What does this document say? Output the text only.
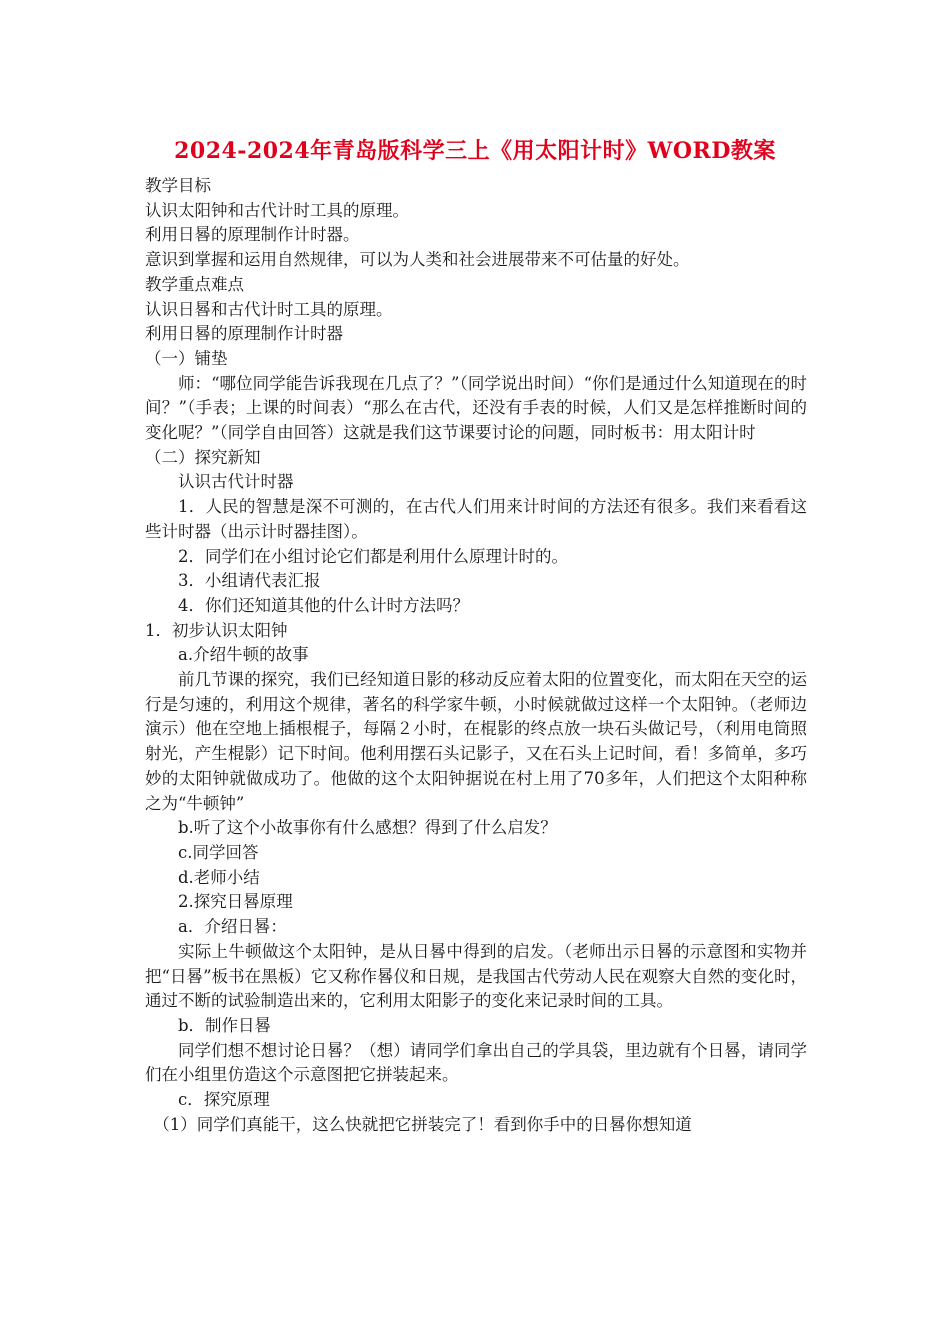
2024-2024年青岛版科学三上《用太阳计时》WORD教案

教学目标

认识太阳钟和古代计时工具的原理。

利用日晷的原理制作计时器。

意识到掌握和运用自然规律，可以为人类和社会进展带来不可估量的好处。

教学重点难点

认识日晷和古代计时工具的原理。

利用日晷的原理制作计时器

（一）铺垫

师：“哪位同学能告诉我现在几点了？”（同学说出时间）“你们是通过什么知道现在的时间？”（手表；上课的时间表）“那么在古代，还没有手表的时候，人们又是怎样推断时间的变化呢？”（同学自由回答）这就是我们这节课要讨论的问题，同时板书：用太阳计时

（二）探究新知

认识古代计时器

1．人民的智慧是深不可测的，在古代人们用来计时间的方法还有很多。我们来看看这些计时器（出示计时器挂图）。

2．同学们在小组讨论它们都是利用什么原理计时的。

3．小组请代表汇报

4．你们还知道其他的什么计时方法吗？

1．初步认识太阳钟

a.介绍牛顿的故事

前几节课的探究，我们已经知道日影的移动反应着太阳的位置变化，而太阳在天空的运行是匀速的，利用这个规律，著名的科学家牛顿，小时候就做过这样一个太阳钟。（老师边演示）他在空地上插根棍子，每隔２小时，在棍影的终点放一块石头做记号，（利用电筒照射光，产生棍影）记下时间。他利用摆石头记影子，又在石头上记时间，看！多简单，多巧妙的太阳钟就做成功了。他做的这个太阳钟据说在村上用了70多年，人们把这个太阳种称之为“牛顿钟”

b.听了这个小故事你有什么感想？得到了什么启发？

c.同学回答

d.老师小结

2.探究日晷原理

a．介绍日晷：

实际上牛顿做这个太阳钟，是从日晷中得到的启发。（老师出示日晷的示意图和实物并把“日晷”板书在黑板）它又称作晷仪和日规，是我国古代劳动人民在观察大自然的变化时，通过不断的试验制造出来的，它利用太阳影子的变化来记录时间的工具。

b．制作日晷

同学们想不想讨论日晷？（想）请同学们拿出自己的学具袋，里边就有个日晷，请同学们在小组里仿造这个示意图把它拼装起来。

c．探究原理

（1）同学们真能干，这么快就把它拼装完了！看到你手中的日晷你想知道
